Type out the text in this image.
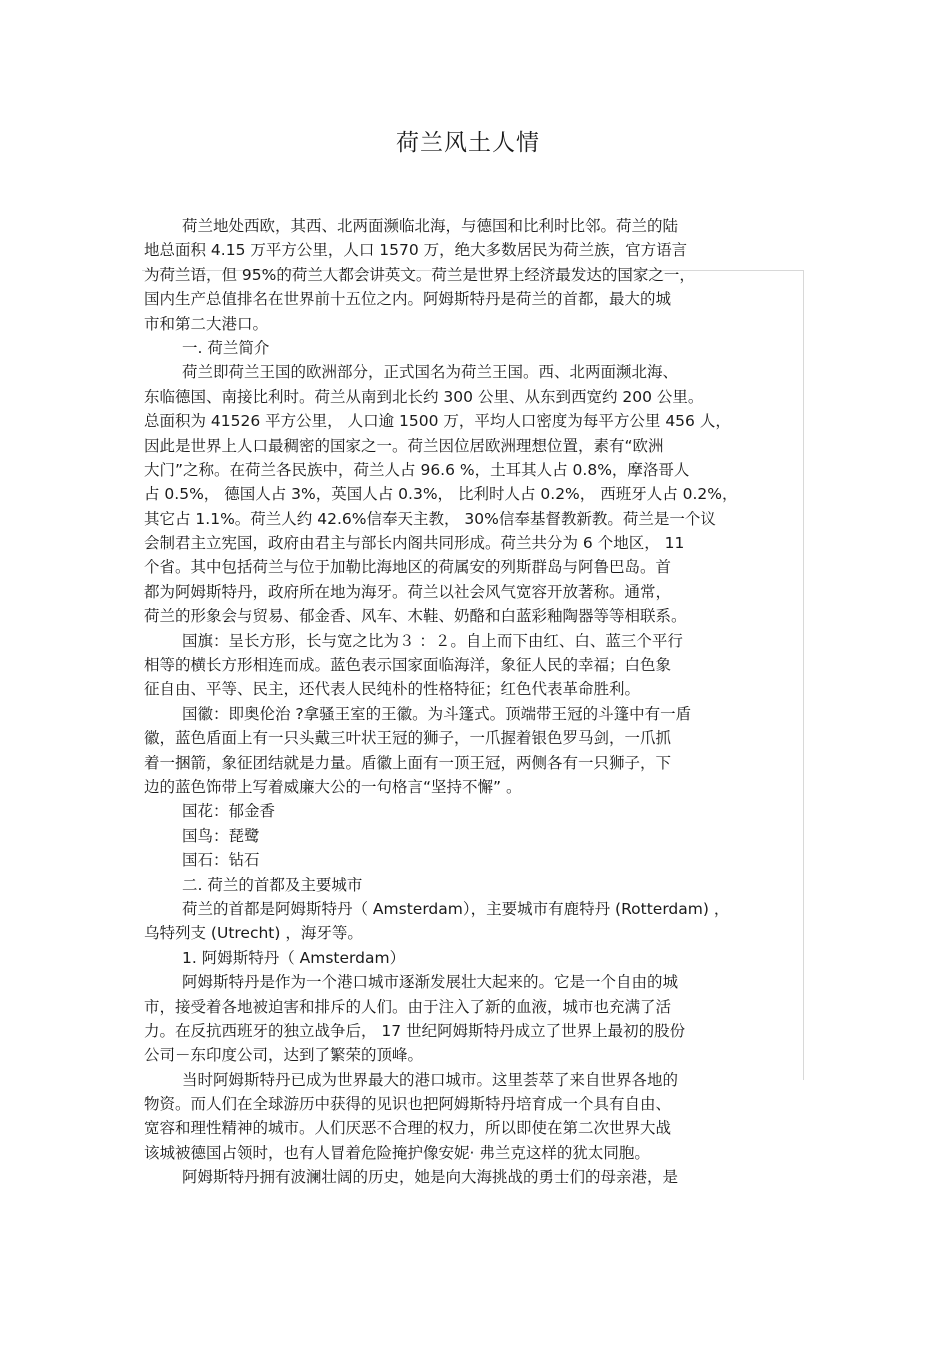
荷兰风土人情
荷兰地处西欧，其西、北两面濒临北海，与德国和比利时比邻。荷兰的陆
地总面积 4.15 万平方公里，人口 1570 万，绝大多数居民为荷兰族，官方语言
为荷兰语，但 95%的荷兰人都会讲英文。荷兰是世界上经济最发达的国家之一，
国内生产总值排名在世界前十五位之内。阿姆斯特丹是荷兰的首都，最大的城
市和第二大港口。
一. 荷兰简介
荷兰即荷兰王国的欧洲部分，正式国名为荷兰王国。西、北两面濒北海、
东临德国、南接比利时。荷兰从南到北长约 300 公里、从东到西宽约 200 公里。
总面积为 41526 平方公里， 人口逾 1500 万，平均人口密度为每平方公里 456 人，
因此是世界上人口最稠密的国家之一。荷兰因位居欧洲理想位置，素有“欧洲
大门”之称。在荷兰各民族中，荷兰人占 96.6 %，土耳其人占 0.8%，摩洛哥人
占 0.5%， 德国人占 3%，英国人占 0.3%， 比利时人占 0.2%， 西班牙人占 0.2%，
其它占 1.1%。荷兰人约 42.6%信奉天主教， 30%信奉基督教新教。荷兰是一个议
会制君主立宪国，政府由君主与部长内阁共同形成。荷兰共分为 6 个地区， 11
个省。其中包括荷兰与位于加勒比海地区的荷属安的列斯群岛与阿鲁巴岛。首
都为阿姆斯特丹，政府所在地为海牙。荷兰以社会风气宽容开放著称。通常，
荷兰的形象会与贸易、郁金香、风车、木鞋、奶酪和白蓝彩釉陶器等等相联系。
国旗：呈长方形，长与宽之比为３ ：２。自上而下由红、白、蓝三个平行
相等的横长方形相连而成。蓝色表示国家面临海洋，象征人民的幸福；白色象
征自由、平等、民主，还代表人民纯朴的性格特征；红色代表革命胜利。
国徽：即奥伦治 ?拿骚王室的王徽。为斗篷式。顶端带王冠的斗篷中有一盾
徽，蓝色盾面上有一只头戴三叶状王冠的狮子，一爪握着银色罗马剑，一爪抓
着一捆箭，象征团结就是力量。盾徽上面有一顶王冠，两侧各有一只狮子，下
边的蓝色饰带上写着威廉大公的一句格言“坚持不懈” 。
国花：郁金香
国鸟：琵鹭
国石：钻石
二. 荷兰的首都及主要城市
荷兰的首都是阿姆斯特丹（ Amsterdam），主要城市有鹿特丹 (Rotterdam) ，
乌特列支 (Utrecht) ，海牙等。
1. 阿姆斯特丹（ Amsterdam）
阿姆斯特丹是作为一个港口城市逐渐发展壮大起来的。它是一个自由的城
市，接受着各地被迫害和排斥的人们。由于注入了新的血液，城市也充满了活
力。在反抗西班牙的独立战争后， 17 世纪阿姆斯特丹成立了世界上最初的股份
公司－东印度公司，达到了繁荣的顶峰。
当时阿姆斯特丹已成为世界最大的港口城市。这里荟萃了来自世界各地的
物资。而人们在全球游历中获得的见识也把阿姆斯特丹培育成一个具有自由、
宽容和理性精神的城市。人们厌恶不合理的权力，所以即使在第二次世界大战
该城被德国占领时，也有人冒着危险掩护像安妮· 弗兰克这样的犹太同胞。
阿姆斯特丹拥有波澜壮阔的历史，她是向大海挑战的勇士们的母亲港，是
